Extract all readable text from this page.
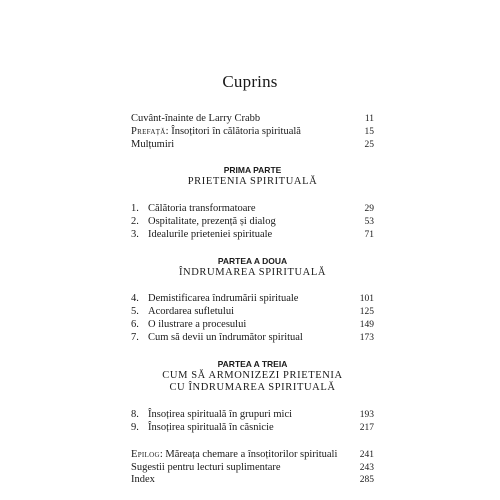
Cuprins
Cuvânt-înainte de Larry Crabb	11
Prefață: Însoțitori în călătoria spirituală	15
Mulțumiri	25
PRIMA PARTE
PRIETENIA SPIRITUALĂ
1. Călătoria transformatoare	29
2. Ospitalitate, prezență și dialog	53
3. Idealurile prieteniei spirituale	71
PARTEA A DOUA
ÎNDRUMAREA SPIRITUALĂ
4. Demistificarea îndrumării spirituale	101
5. Acordarea sufletului	125
6. O ilustrare a procesului	149
7. Cum să devii un îndrumător spiritual	173
PARTEA A TREIA
CUM SĂ ARMONIZEZI PRIETENIA
CU ÎNDRUMAREA SPIRITUALĂ
8. Însoțirea spirituală în grupuri mici	193
9. Însoțirea spirituală în căsnicie	217
Epilog: Măreața chemare a însoțitorilor spirituali	241
Sugestii pentru lecturi suplimentare	243
Index	285
